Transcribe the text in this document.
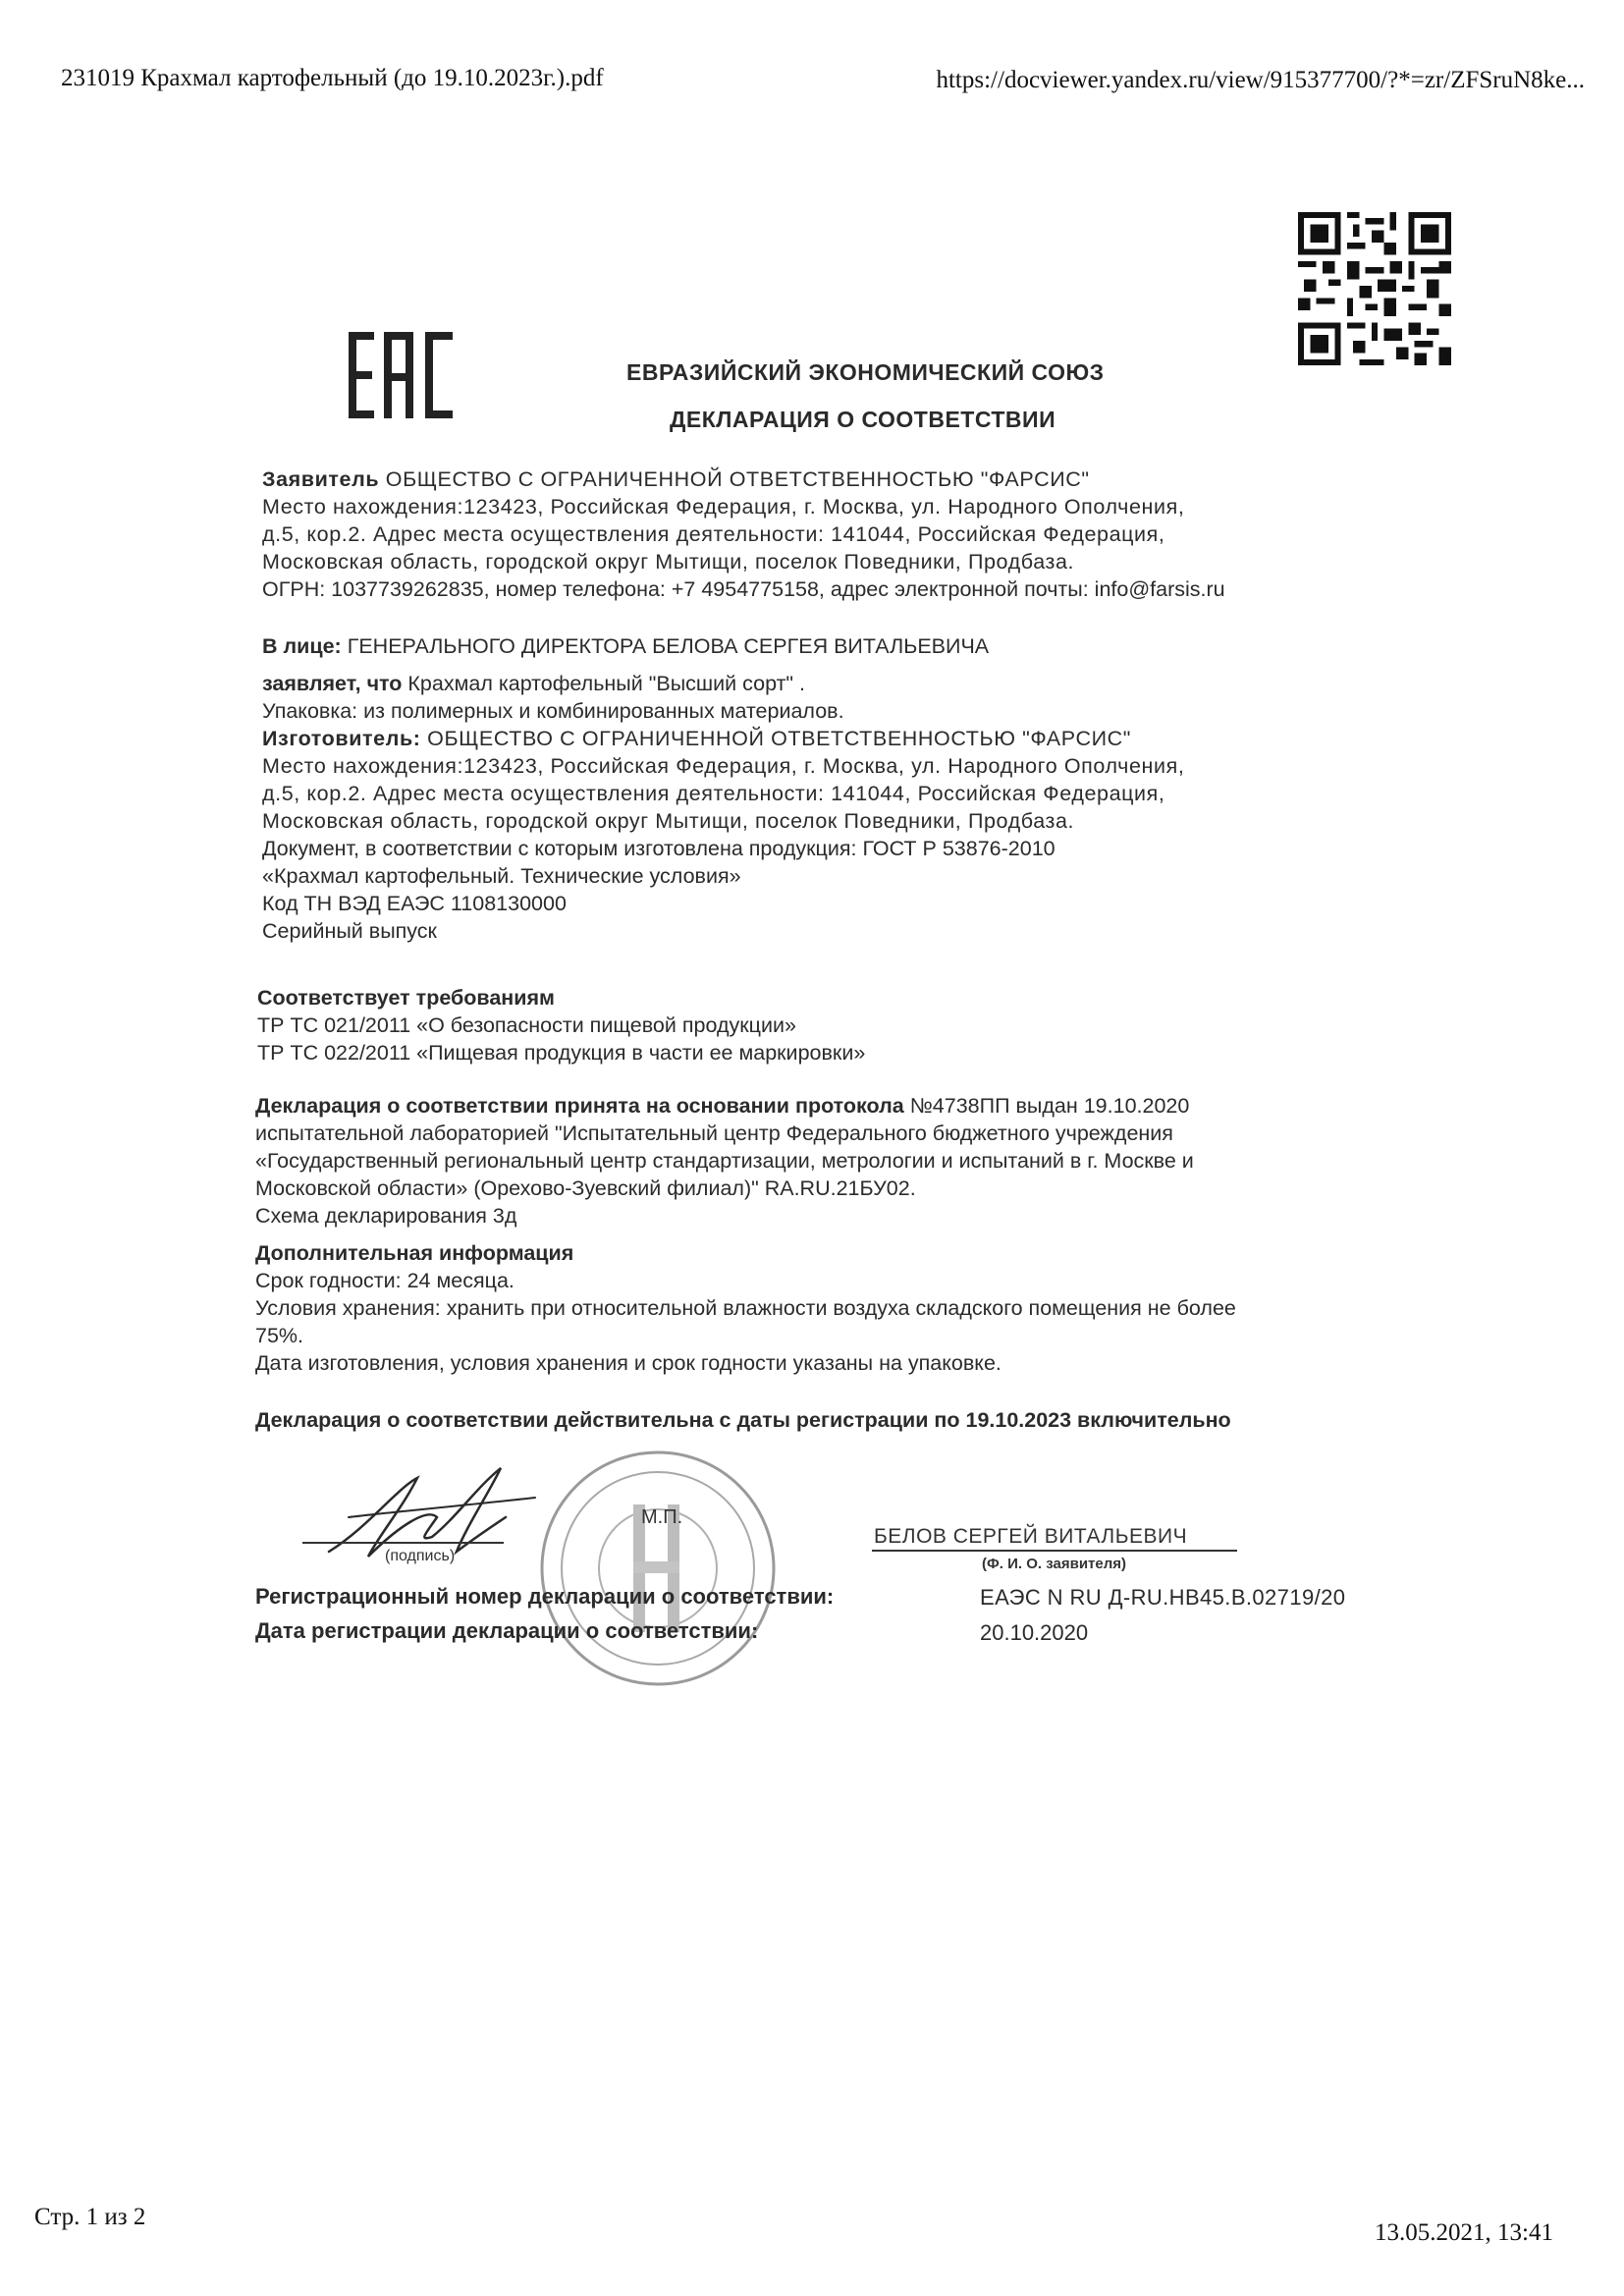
231019 Крахмал картофельный (до 19.10.2023г.).pdf	https://docviewer.yandex.ru/view/915377700/?*=zr/ZFSruN8ke...
ЕВРАЗИЙСКИЙ ЭКОНОМИЧЕСКИЙ СОЮЗ
ДЕКЛАРАЦИЯ О СООТВЕТСТВИИ
Заявитель ОБЩЕСТВО С ОГРАНИЧЕННОЙ ОТВЕТСТВЕННОСТЬЮ "ФАРСИС"
Место нахождения:123423, Российская Федерация, г. Москва, ул. Народного Ополчения,
д.5, кор.2. Адрес места осуществления деятельности: 141044, Российская Федерация,
Московская область, городской округ Мытищи, поселок Поведники, Продбаза.
ОГРН: 1037739262835, номер телефона: +7 4954775158, адрес электронной почты: info@farsis.ru
В лице: ГЕНЕРАЛЬНОГО ДИРЕКТОРА БЕЛОВА СЕРГЕЯ ВИТАЛЬЕВИЧА
заявляет, что Крахмал картофельный "Высший сорт" .
Упаковка: из полимерных и комбинированных материалов.
Изготовитель: ОБЩЕСТВО С ОГРАНИЧЕННОЙ ОТВЕТСТВЕННОСТЬЮ "ФАРСИС"
Место нахождения:123423, Российская Федерация, г. Москва, ул. Народного Ополчения,
д.5, кор.2. Адрес места осуществления деятельности: 141044, Российская Федерация,
Московская область, городской округ Мытищи, поселок Поведники, Продбаза.
Документ, в соответствии с которым изготовлена продукция: ГОСТ Р 53876-2010
«Крахмал картофельный. Технические условия»
Код ТН ВЭД ЕАЭС 1108130000
Серийный выпуск
Соответствует требованиям
ТР ТС 021/2011 «О безопасности пищевой продукции»
ТР ТС 022/2011 «Пищевая продукция в части ее маркировки»
Декларация о соответствии принята на основании протокола №4738ПП выдан 19.10.2020
испытательной лабораторией "Испытательный центр Федерального бюджетного учреждения
«Государственный региональный центр стандартизации, метрологии и испытаний в г. Москве и
Московской области» (Орехово-Зуевский филиал)" RA.RU.21БУ02.
Схема декларирования 3д
Дополнительная информация
Срок годности: 24 месяца.
Условия хранения: хранить при относительной влажности воздуха складского помещения не более
75%.
Дата изготовления, условия хранения и срок годности указаны на упаковке.
Декларация о соответствии действительна с даты регистрации по 19.10.2023 включительно
(подпись)
М.П.
БЕЛОВ СЕРГЕЙ ВИТАЛЬЕВИЧ
(Ф. И. О. заявителя)
Регистрационный номер декларации о соответствии:	ЕАЭС N RU Д-RU.НВ45.В.02719/20
Дата регистрации декларации о соответствии:	20.10.2020
Стр. 1 из 2
13.05.2021, 13:41
